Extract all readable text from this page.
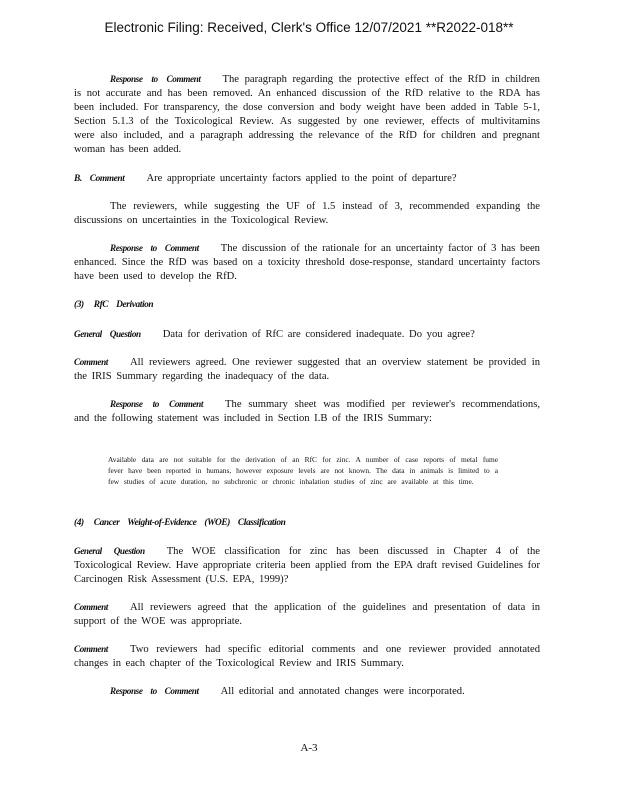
Electronic Filing: Received, Clerk's Office 12/07/2021 **R2022-018**
Response to Comment The paragraph regarding the protective effect of the RfD in children is not accurate and has been removed. An enhanced discussion of the RfD relative to the RDA has been included. For transparency, the dose conversion and body weight have been added in Table 5-1, Section 5.1.3 of the Toxicological Review. As suggested by one reviewer, effects of multivitamins were also included, and a paragraph addressing the relevance of the RfD for children and pregnant woman has been added.
B. Comment Are appropriate uncertainty factors applied to the point of departure?
The reviewers, while suggesting the UF of 1.5 instead of 3, recommended expanding the discussions on uncertainties in the Toxicological Review.
Response to Comment The discussion of the rationale for an uncertainty factor of 3 has been enhanced. Since the RfD was based on a toxicity threshold dose-response, standard uncertainty factors have been used to develop the RfD.
(3) RfC Derivation
General Question Data for derivation of RfC are considered inadequate. Do you agree?
Comment All reviewers agreed. One reviewer suggested that an overview statement be provided in the IRIS Summary regarding the inadequacy of the data.
Response to Comment The summary sheet was modified per reviewer's recommendations, and the following statement was included in Section I.B of the IRIS Summary:
Available data are not suitable for the derivation of an RfC for zinc. A number of case reports of metal fume fever have been reported in humans, however exposure levels are not known. The data in animals is limited to a few studies of acute duration, no subchronic or chronic inhalation studies of zinc are available at this time.
(4) Cancer Weight-of-Evidence (WOE) Classification
General Question The WOE classification for zinc has been discussed in Chapter 4 of the Toxicological Review. Have appropriate criteria been applied from the EPA draft revised Guidelines for Carcinogen Risk Assessment (U.S. EPA, 1999)?
Comment All reviewers agreed that the application of the guidelines and presentation of data in support of the WOE was appropriate.
Comment Two reviewers had specific editorial comments and one reviewer provided annotated changes in each chapter of the Toxicological Review and IRIS Summary.
Response to Comment All editorial and annotated changes were incorporated.
A-3
